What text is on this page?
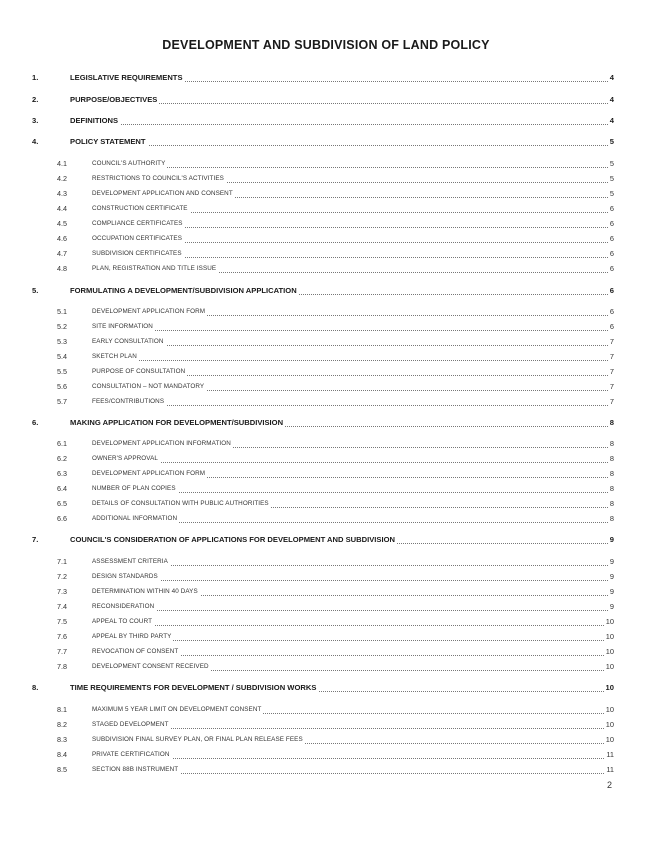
DEVELOPMENT AND SUBDIVISION OF LAND POLICY
1.	LEGISLATIVE REQUIREMENTS	4
2.	PURPOSE/OBJECTIVES	4
3.	DEFINITIONS	4
4.	POLICY STATEMENT	5
4.1	COUNCIL'S AUTHORITY	5
4.2	RESTRICTIONS TO COUNCIL'S ACTIVITIES	5
4.3	DEVELOPMENT APPLICATION AND CONSENT	5
4.4	CONSTRUCTION CERTIFICATE	6
4.5	COMPLIANCE CERTIFICATES	6
4.6	OCCUPATION CERTIFICATES	6
4.7	SUBDIVISION CERTIFICATES	6
4.8	PLAN, REGISTRATION AND TITLE ISSUE	6
5.	FORMULATING A DEVELOPMENT/SUBDIVISION APPLICATION	6
5.1	DEVELOPMENT APPLICATION FORM	6
5.2	SITE INFORMATION	6
5.3	EARLY CONSULTATION	7
5.4	SKETCH PLAN	7
5.5	PURPOSE OF CONSULTATION	7
5.6	CONSULTATION – NOT MANDATORY	7
5.7	FEES/CONTRIBUTIONS	7
6.	MAKING APPLICATION FOR DEVELOPMENT/SUBDIVISION	8
6.1	DEVELOPMENT APPLICATION INFORMATION	8
6.2	OWNER'S APPROVAL	8
6.3	DEVELOPMENT APPLICATION FORM	8
6.4	NUMBER OF PLAN COPIES	8
6.5	DETAILS OF CONSULTATION WITH PUBLIC AUTHORITIES	8
6.6	ADDITIONAL INFORMATION	8
7.	COUNCIL'S CONSIDERATION OF APPLICATIONS FOR DEVELOPMENT AND SUBDIVISION	9
7.1	ASSESSMENT CRITERIA	9
7.2	DESIGN STANDARDS	9
7.3	DETERMINATION WITHIN 40 DAYS	9
7.4	RECONSIDERATION	9
7.5	APPEAL TO COURT	10
7.6	APPEAL BY THIRD PARTY	10
7.7	REVOCATION OF CONSENT	10
7.8	DEVELOPMENT CONSENT RECEIVED	10
8.	TIME REQUIREMENTS FOR DEVELOPMENT / SUBDIVISION WORKS	10
8.1	MAXIMUM 5 YEAR LIMIT ON DEVELOPMENT CONSENT	10
8.2	STAGED DEVELOPMENT	10
8.3	SUBDIVISION FINAL SURVEY PLAN, OR FINAL PLAN RELEASE FEES	10
8.4	PRIVATE CERTIFICATION	11
8.5	SECTION 88B INSTRUMENT	11
2
